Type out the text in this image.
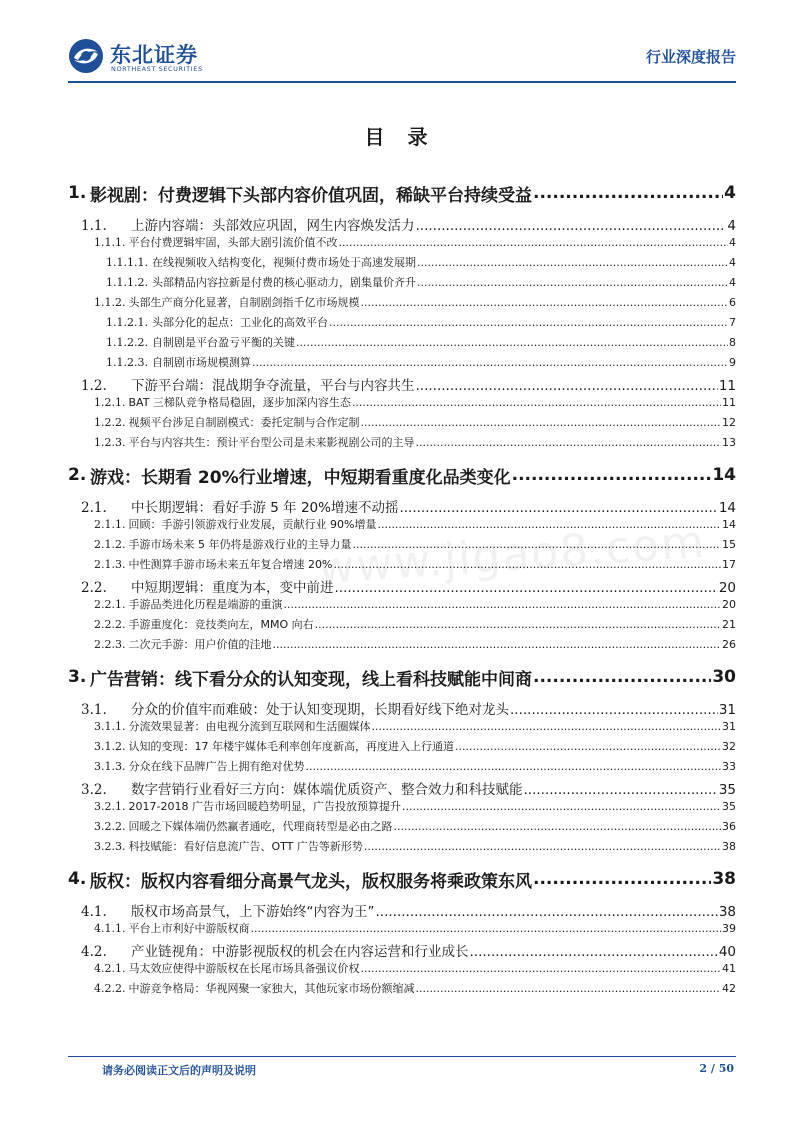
东北证券
NORTHEAST SECURITIES
行业深度报告
目 录
www.jigao8.com
1. 影视剧：付费逻辑下头部内容价值巩固，稀缺平台持续受益 .....	4
1.1.	上游内容端：头部效应巩固，网生内容焕发活力 .....	4
1.1.1. 平台付费逻辑牢固，头部大剧引流价值不改 .....	4
1.1.1.1. 在线视频收入结构变化，视频付费市场处于高速发展期 .....	4
1.1.1.2. 头部精品内容拉新是付费的核心驱动力，剧集量价齐升 .....	4
1.1.2. 头部生产商分化显著，自制剧剑指千亿市场规模 .....	6
1.1.2.1. 头部分化的起点：工业化的高效平台 .....	7
1.1.2.2. 自制剧是平台盈亏平衡的关键 .....	8
1.1.2.3. 自制剧市场规模测算 .....	9
1.2.	下游平台端：混战期争夺流量，平台与内容共生 .....	11
1.2.1. BAT 三梯队竞争格局稳固，逐步加深内容生态 .....	11
1.2.2. 视频平台涉足自制剧模式：委托定制与合作定制 .....	12
1.2.3. 平台与内容共生：预计平台型公司是未来影视剧公司的主导 .....	13
2. 游戏：长期看 20%行业增速，中短期看重度化品类变化 .....	14
2.1.	中长期逻辑：看好手游 5 年 20%增速不动摇 .....	14
2.1.1. 回顾：手游引领游戏行业发展，贡献行业 90%增量 .....	14
2.1.2. 手游市场未来 5 年仍将是游戏行业的主导力量 .....	15
2.1.3. 中性测算手游市场未来五年复合增速 20% .....	17
2.2.	中短期逻辑：重度为本，变中前进 .....	20
2.2.1. 手游品类进化历程是端游的重演 .....	20
2.2.2. 手游重度化：竞技类向左，MMO 向右 .....	21
2.2.3. 二次元手游：用户价值的洼地 .....	26
3. 广告营销：线下看分众的认知变现，线上看科技赋能中间商 .....	30
3.1.	分众的价值牢而难破：处于认知变现期，长期看好线下绝对龙头 .....	31
3.1.1. 分流效果显著：由电视分流到互联网和生活圈媒体 .....	31
3.1.2. 认知的变现：17 年楼宇媒体毛利率创年度新高，再度进入上行通道 .....	32
3.1.3. 分众在线下品牌广告上拥有绝对优势 .....	33
3.2.	数字营销行业看好三方向：媒体端优质资产、整合效力和科技赋能 .....	35
3.2.1. 2017-2018 广告市场回暖趋势明显，广告投放预算提升 .....	35
3.2.2. 回暖之下媒体端仍然赢者通吃，代理商转型是必由之路 .....	36
3.2.3. 科技赋能：看好信息流广告、OTT 广告等新形势 .....	38
4. 版权：版权内容看细分高景气龙头，版权服务将乘政策东风 .....	38
4.1.	版权市场高景气，上下游始终“内容为王” .....	38
4.1.1. 平台上市利好中游版权商 .....	39
4.2.	产业链视角：中游影视版权的机会在内容运营和行业成长 .....	40
4.2.1. 马太效应使得中游版权在长尾市场具备强议价权 .....	41
4.2.2. 中游竞争格局：华视网聚一家独大，其他玩家市场份额缩减 .....	42
请务必阅读正文后的声明及说明	2 / 50
